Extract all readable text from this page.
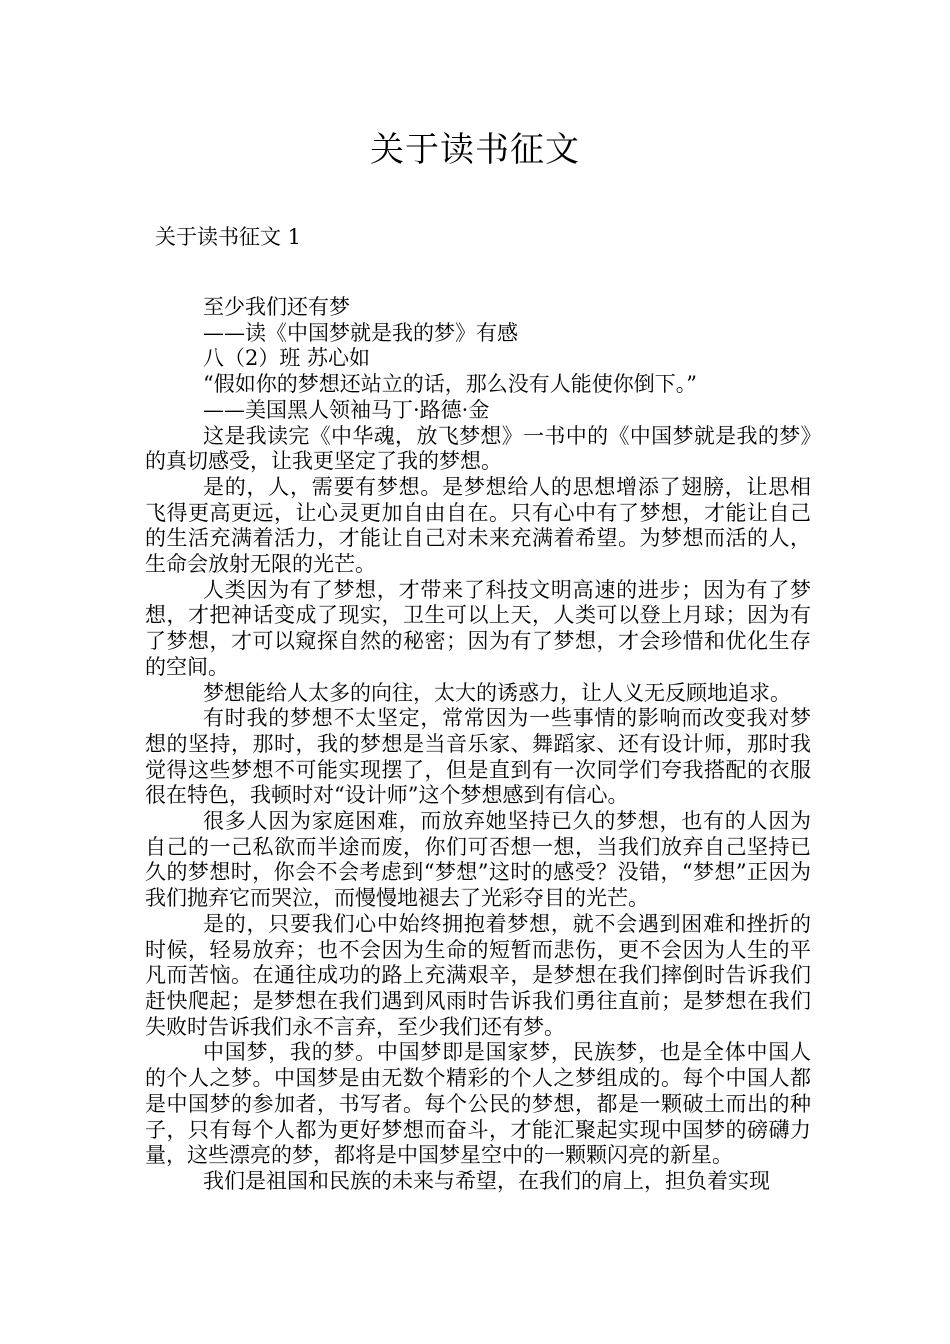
关于读书征文
关于读书征文 1
至少我们还有梦
——读《中国梦就是我的梦》有感
八（2）班 苏心如
“假如你的梦想还站立的话，那么没有人能使你倒下。”
——美国黑人领袖马丁·路德·金

这是我读完《中华魂，放飞梦想》一书中的《中国梦就是我的梦》的真切感受，让我更坚定了我的梦想。

是的，人，需要有梦想。是梦想给人的思想增添了翅膀，让思相飞得更高更远，让心灵更加自由自在。只有心中有了梦想，才能让自己的生活充满着活力，才能让自己对未来充满着希望。为梦想而活的人，生命会放射无限的光芒。

人类因为有了梦想，才带来了科技文明高速的进步；因为有了梦想，才把神话变成了现实，卫生可以上天，人类可以登上月球；因为有了梦想，才可以窥探自然的秘密；因为有了梦想，才会珍惜和优化生存的空间。

梦想能给人太多的向往，太大的诱惑力，让人义无反顾地追求。

有时我的梦想不太坚定，常常因为一些事情的影响而改变我对梦想的坚持，那时，我的梦想是当音乐家、舞蹈家、还有设计师，那时我觉得这些梦想不可能实现摆了，但是直到有一次同学们夸我搭配的衣服很在特色，我顿时对“设计师”这个梦想感到有信心。

很多人因为家庭困难，而放弃她坚持已久的梦想，也有的人因为自己的一己私欲而半途而废，你们可否想一想，当我们放弃自己坚持已久的梦想时，你会不会考虑到“梦想”这时的感受？没错，“梦想”正因为我们抛弃它而哭泣，而慢慢地褪去了光彩夺目的光芒。

是的，只要我们心中始终拥抱着梦想，就不会遇到困难和挫折的时候，轻易放弃；也不会因为生命的短暂而悲伤，更不会因为人生的平凡而苦恼。在通往成功的路上充满艰辛，是梦想在我们摔倒时告诉我们赶快爬起；是梦想在我们遇到风雨时告诉我们勇往直前；是梦想在我们失败时告诉我们永不言弃，至少我们还有梦。

中国梦，我的梦。中国梦即是国家梦，民族梦，也是全体中国人的个人之梦。中国梦是由无数个精彩的个人之梦组成的。每个中国人都是中国梦的参加者，书写者。每个公民的梦想，都是一颗破土而出的种子，只有每个人都为更好梦想而奋斗，才能汇聚起实现中国梦的磅礴力量，这些漂亮的梦，都将是中国梦星空中的一颗颗闪亮的新星。

我们是祖国和民族的未来与希望，在我们的肩上，担负着实现
